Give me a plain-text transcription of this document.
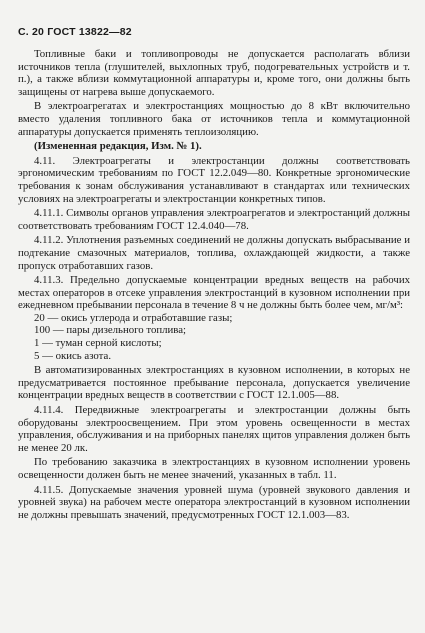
С. 20 ГОСТ 13822—82

Топливные баки и топливопроводы не допускается располагать вблизи источников тепла (глушителей, выхлопных труб, подогревательных устройств и т. п.), а также вблизи коммутационной аппаратуры и, кроме того, они должны быть защищены от нагрева выше допускаемого.

В электроагрегатах и электростанциях мощностью до 8 кВт включительно вместо удаления топливного бака от источников тепла и коммутационной аппаратуры допускается применять теплоизоляцию.

(Измененная редакция, Изм. № 1).

4.11. Электроагрегаты и электростанции должны соответствовать эргономическим требованиям по ГОСТ 12.2.049—80. Конкретные эргономические требования к зонам обслуживания устанавливают в стандартах или технических условиях на электроагрегаты и электростанции конкретных типов.

4.11.1. Символы органов управления электроагрегатов и электростанций должны соответствовать требованиям ГОСТ 12.4.040—78.

4.11.2. Уплотнения разъемных соединений не должны допускать выбрасывание и подтекание смазочных материалов, топлива, охлаждающей жидкости, а также пропуск отработавших газов.

4.11.3. Предельно допускаемые концентрации вредных веществ на рабочих местах операторов в отсеке управления электростанций в кузовном исполнении при ежедневном пребывании персонала в течение 8 ч не должны быть более чем, мг/м³:

20 — окись углерода и отработавшие газы;

100 — пары дизельного топлива;

1 — туман серной кислоты;

5 — окись азота.

В автоматизированных электростанциях в кузовном исполнении, в которых не предусматривается постоянное пребывание персонала, допускается увеличение концентрации вредных веществ в соответствии с ГОСТ 12.1.005—88.

4.11.4. Передвижные электроагрегаты и электростанции должны быть оборудованы электроосвещением. При этом уровень освещенности в местах управления, обслуживания и на приборных панелях щитов управления должен быть не менее 20 лк.

По требованию заказчика в электростанциях в кузовном исполнении уровень освещенности должен быть не менее значений, указанных в табл. 11.

4.11.5. Допускаемые значения уровней шума (уровней звукового давления и уровней звука) на рабочем месте оператора электростанций в кузовном исполнении не должны превышать значений, предусмотренных ГОСТ 12.1.003—83.
